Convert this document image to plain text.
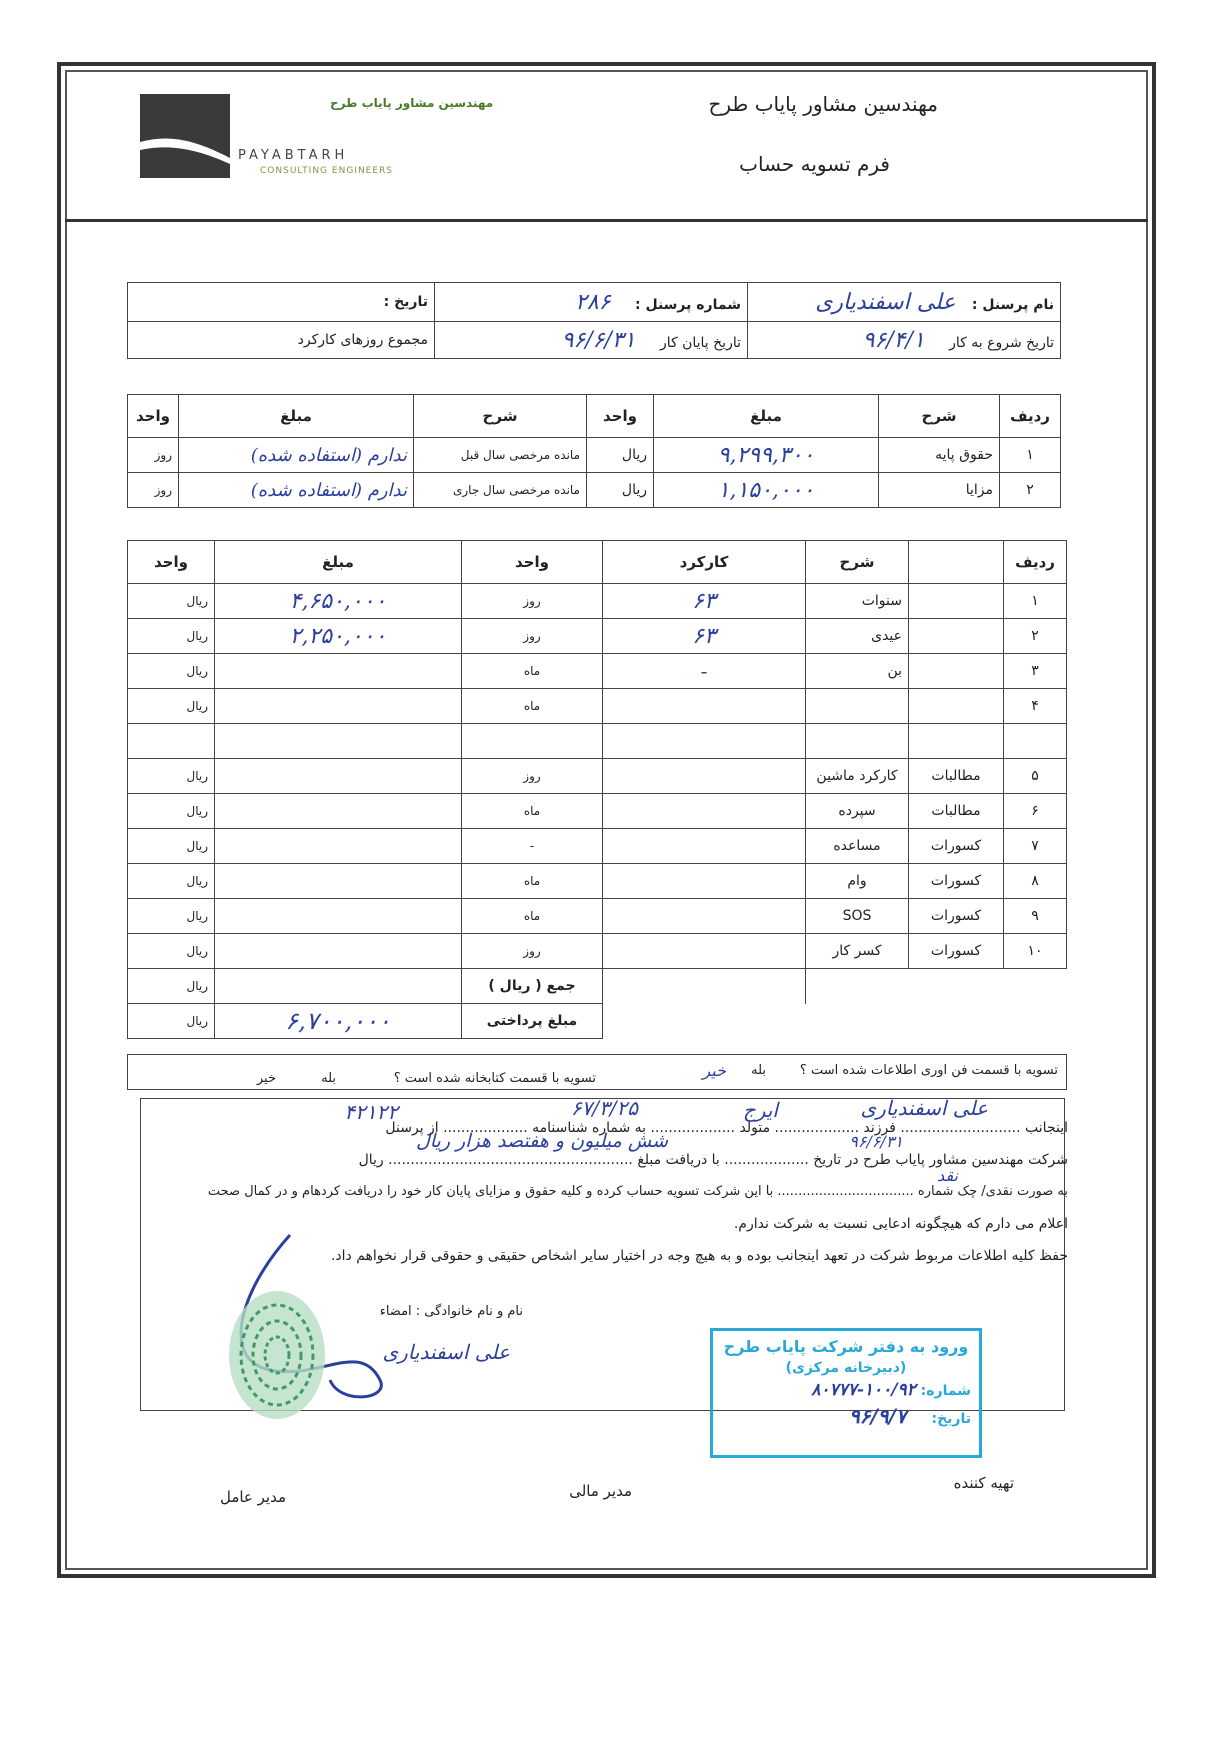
مهندسین مشاور پایاب طرح
PAYABTARH
CONSULTING ENGINEERS
مهندسین مشاور پایاب طرح
فرم تسویه حساب
نام پرسنل : علی اسفندیاری	شماره پرسنل : ۲۸۶	تاریخ :
تاریخ شروع به کار ۹۶/۴/۱	تاریخ پایان کار ۹۶/۶/۳۱	مجموع روزهای کارکرد
ردیف	شرح	مبلغ	واحد	شرح	مبلغ	واحد
۱	حقوق پایه	۹,۲۹۹,۳۰۰	ریال	مانده مرخصی سال قبل	ندارم (استفاده شده)	روز
۲	مزایا	۱,۱۵۰,۰۰۰	ریال	مانده مرخصی سال جاری	ندارم (استفاده شده)	روز
ردیف		شرح	کارکرد	واحد	مبلغ	واحد
۱		سنوات	۶۳	روز	۴,۶۵۰,۰۰۰	ریال
۲		عیدی	۶۳	روز	۲,۲۵۰,۰۰۰	ریال
۳		بن	-	ماه		ریال
۴				ماه		ریال

۵	مطالبات	کارکرد ماشین		روز		ریال
۶	مطالبات	سپرده		ماه		ریال
۷	کسورات	مساعده		-		ریال
۸	کسورات	وام		ماه		ریال
۹	کسورات	SOS		ماه		ریال
۱۰	کسورات	کسر کار		روز		ریال
				جمع ( ریال )		ریال
				مبلغ پرداختی	۶,۷۰۰,۰۰۰	ریال
تسویه با قسمت فن اوری اطلاعات شده است ؟
بله
خیر
تسویه با قسمت کتابخانه شده است ؟
بله
خیر
اینجانب ........................... فرزند ................... متولد ................... به شماره شناسنامه ................... از پرسنل
شرکت مهندسین مشاور پایاب طرح در تاریخ ................... با دریافت مبلغ ....................................................... ریال
به صورت نقدی/ چک شماره ................................. با این شرکت تسویه حساب کرده و کلیه حقوق و مزایای پایان کار خود را دریافت کردهام و در کمال صحت
اعلام می دارم که هیچگونه ادعایی نسبت به شرکت ندارم.
حفظ کلیه اطلاعات مربوط شرکت در تعهد اینجانب بوده و به هیچ وجه در اختیار سایر اشخاص حقیقی و حقوقی قرار نخواهم داد.
علی اسفندیاری
ایرج
۶۷/۳/۲۵
۴۲۱۲۲
۹۶/۶/۳۱
شش میلیون و هفتصد هزار ریال
نقد
نام و نام خانوادگی : امضاء
علی اسفندیاری	ورود به دفتر شرکت پایاب طرح
(دبیرخانه مرکزی)
شماره: ۱۰۰/۹۲-۸۰۷۷۷
تاریخ: ۹۶/۹/۷
تهیه کننده
مدیر مالی
مدیر عامل
